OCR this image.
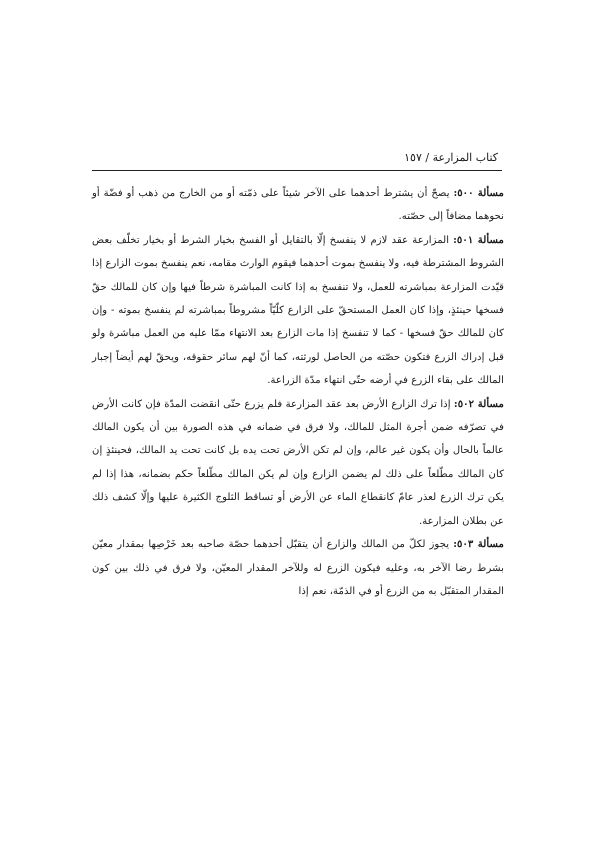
كتاب المزارعة / ١٥٧

مسألة ٥٠٠: يصحّ أن يشترط أحدهما على الآخر شيئاً على ذمّته أو من الخارج من ذهب أو فضّة أو نحوهما مضافاً إلى حصّته.

مسألة ٥٠١: المزارعة عقد لازم لا ينفسخ إلّا بالتقايل أو الفسخ بخيار الشرط أو بخيار تخلّف بعض الشروط المشترطة فيه، ولا ينفسخ بموت أحدهما فيقوم الوارث مقامه، نعم ينفسخ بموت الزارع إذا قيّدت المزارعة بمباشرته للعمل، ولا تنفسخ به إذا كانت المباشرة شرطاً فيها وإن كان للمالك حقّ فسخها حينئذٍ، وإذا كان العمل المستحقّ على الزارع كلّيّاً مشروطاً بمباشرته لم ينفسخ بموته - وإن كان للمالك حقّ فسخها - كما لا تنفسخ إذا مات الزارع بعد الانتهاء ممّا عليه من العمل مباشرة ولو قبل إدراك الزرع فتكون حصّته من الحاصل لورثته، كما أنّ لهم سائر حقوقه، ويحقّ لهم أيضاً إجبار المالك على بقاء الزرع في أرضه حتّى انتهاء مدّة الزراعة.

مسألة ٥٠٢: إذا ترك الزارع الأرض بعد عقد المزارعة فلم يزرع حتّى انقضت المدّة فإن كانت الأرض في تصرّفه ضمن أجرة المثل للمالك، ولا فرق في ضمانه في هذه الصورة بين أن يكون المالك عالماً بالحال وأن يكون غير عالم، وإن لم تكن الأرض تحت يده بل كانت تحت يد المالك، فحينئذٍ إن كان المالك مطّلعاً على ذلك لم يضمن الزارع وإن لم يكن المالك مطّلعاً حكم بضمانه، هذا إذا لم يكن ترك الزرع لعذر عامّ كانقطاع الماء عن الأرض أو تساقط الثلوج الكثيرة عليها وإلّا كشف ذلك عن بطلان المزارعة.

مسألة ٥٠٣: يجوز لكلّ من المالك والزارع أن يتقبّل أحدهما حصّة صاحبه بعد خَرْصِها بمقدار معيّن بشرط رضا الآخر به، وعليه فيكون الزرع له وللآخر المقدار المعيّن، ولا فرق في ذلك بين كون المقدار المتقبّل به من الزرع أو في الذمّة، نعم إذا
